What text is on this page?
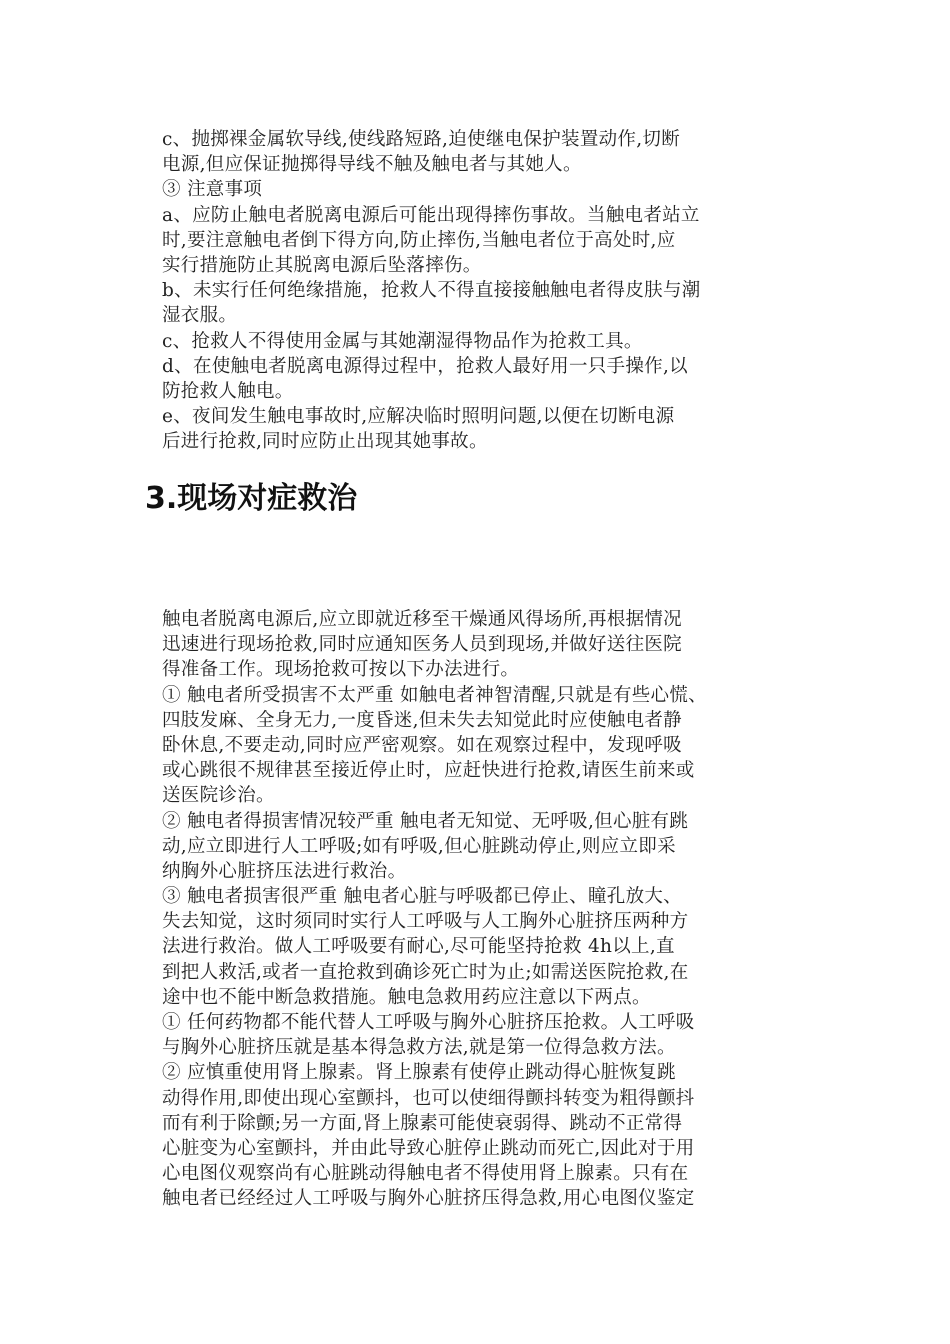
c、抛掷裸金属软导线,使线路短路,迫使继电保护装置动作,切断
电源,但应保证抛掷得导线不触及触电者与其她人。
③ 注意事项
a、应防止触电者脱离电源后可能出现得摔伤事故。当触电者站立
时,要注意触电者倒下得方向,防止摔伤,当触电者位于高处时,应
实行措施防止其脱离电源后坠落摔伤。
b、未实行任何绝缘措施，抢救人不得直接接触触电者得皮肤与潮
湿衣服。
c、抢救人不得使用金属与其她潮湿得物品作为抢救工具。
d、在使触电者脱离电源得过程中，抢救人最好用一只手操作,以
防抢救人触电。
e、夜间发生触电事故时,应解决临时照明问题,以便在切断电源
后进行抢救,同时应防止出现其她事故。
3.现场对症救治
触电者脱离电源后,应立即就近移至干燥通风得场所,再根据情况
迅速进行现场抢救,同时应通知医务人员到现场,并做好送往医院
得准备工作。现场抢救可按以下办法进行。
① 触电者所受损害不太严重 如触电者神智清醒,只就是有些心慌、
四肢发麻、全身无力,一度昏迷,但未失去知觉此时应使触电者静
卧休息,不要走动,同时应严密观察。如在观察过程中，发现呼吸
或心跳很不规律甚至接近停止时，应赶快进行抢救,请医生前来或
送医院诊治。
② 触电者得损害情况较严重 触电者无知觉、无呼吸,但心脏有跳
动,应立即进行人工呼吸;如有呼吸,但心脏跳动停止,则应立即采
纳胸外心脏挤压法进行救治。
③ 触电者损害很严重 触电者心脏与呼吸都已停止、瞳孔放大、
失去知觉，这时须同时实行人工呼吸与人工胸外心脏挤压两种方
法进行救治。做人工呼吸要有耐心,尽可能坚持抢救 4h以上,直
到把人救活,或者一直抢救到确诊死亡时为止;如需送医院抢救,在
途中也不能中断急救措施。触电急救用药应注意以下两点。
① 任何药物都不能代替人工呼吸与胸外心脏挤压抢救。人工呼吸
与胸外心脏挤压就是基本得急救方法,就是第一位得急救方法。
② 应慎重使用肾上腺素。肾上腺素有使停止跳动得心脏恢复跳
动得作用,即使出现心室颤抖，也可以使细得颤抖转变为粗得颤抖
而有利于除颤;另一方面,肾上腺素可能使衰弱得、跳动不正常得
心脏变为心室颤抖，并由此导致心脏停止跳动而死亡,因此对于用
心电图仪观察尚有心脏跳动得触电者不得使用肾上腺素。只有在
触电者已经经过人工呼吸与胸外心脏挤压得急救,用心电图仪鉴定
